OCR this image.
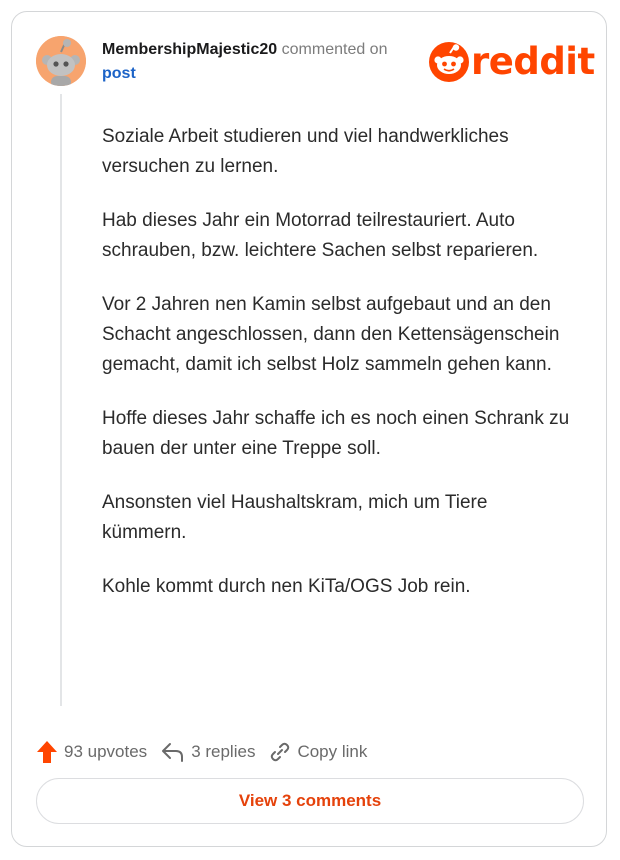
MembershipMajestic20 commented on
post	reddit

Soziale Arbeit studieren und viel handwerkliches versuchen zu lernen.

Hab dieses Jahr ein Motorrad teilrestauriert. Auto schrauben, bzw. leichtere Sachen selbst reparieren.

Vor 2 Jahren nen Kamin selbst aufgebaut und an den Schacht angeschlossen, dann den Kettensägenschein gemacht, damit ich selbst Holz sammeln gehen kann.

Hoffe dieses Jahr schaffe ich es noch einen Schrank zu bauen der unter eine Treppe soll.

Ansonsten viel Haushaltskram, mich um Tiere kümmern.

Kohle kommt durch nen KiTa/OGS Job rein.

93 upvotes	3 replies Copy link
View 3 comments
